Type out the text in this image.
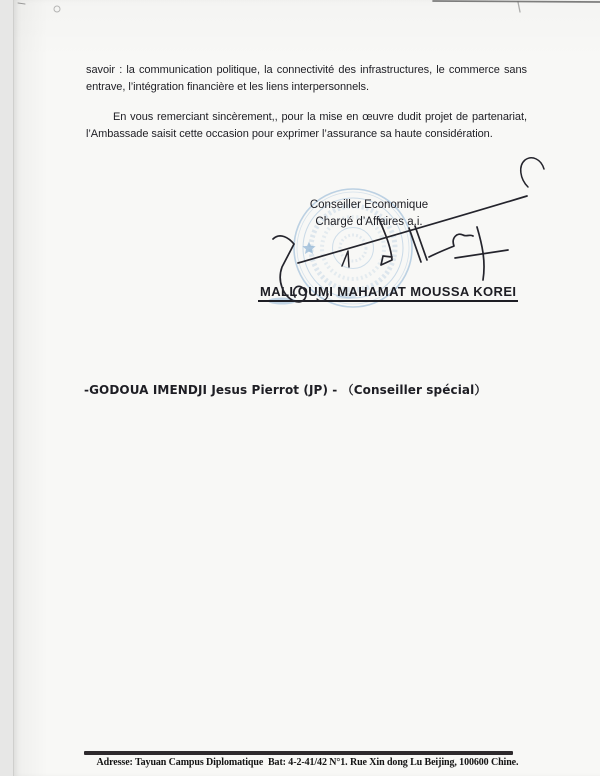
savoir : la communication politique, la connectivité des infrastructures, le commerce sans entrave, l’intégration financière et les liens interpersonnels.

En vous remerciant sincèrement,, pour la mise en œuvre dudit projet de partenariat, l’Ambassade saisit cette occasion pour exprimer l’assurance sa haute considération.

Conseiller Economique
Chargé d’Affaires a.i.
MALLOUMI MAHAMAT MOUSSA KOREI
-GODOUA IMENDJI Jesus Pierrot (JP) - （Conseiller spécial）
Adresse: Tayuan Campus Diplomatique  Bat: 4-2-41/42 N°1. Rue Xin dong Lu Beijing, 100600 Chine.
